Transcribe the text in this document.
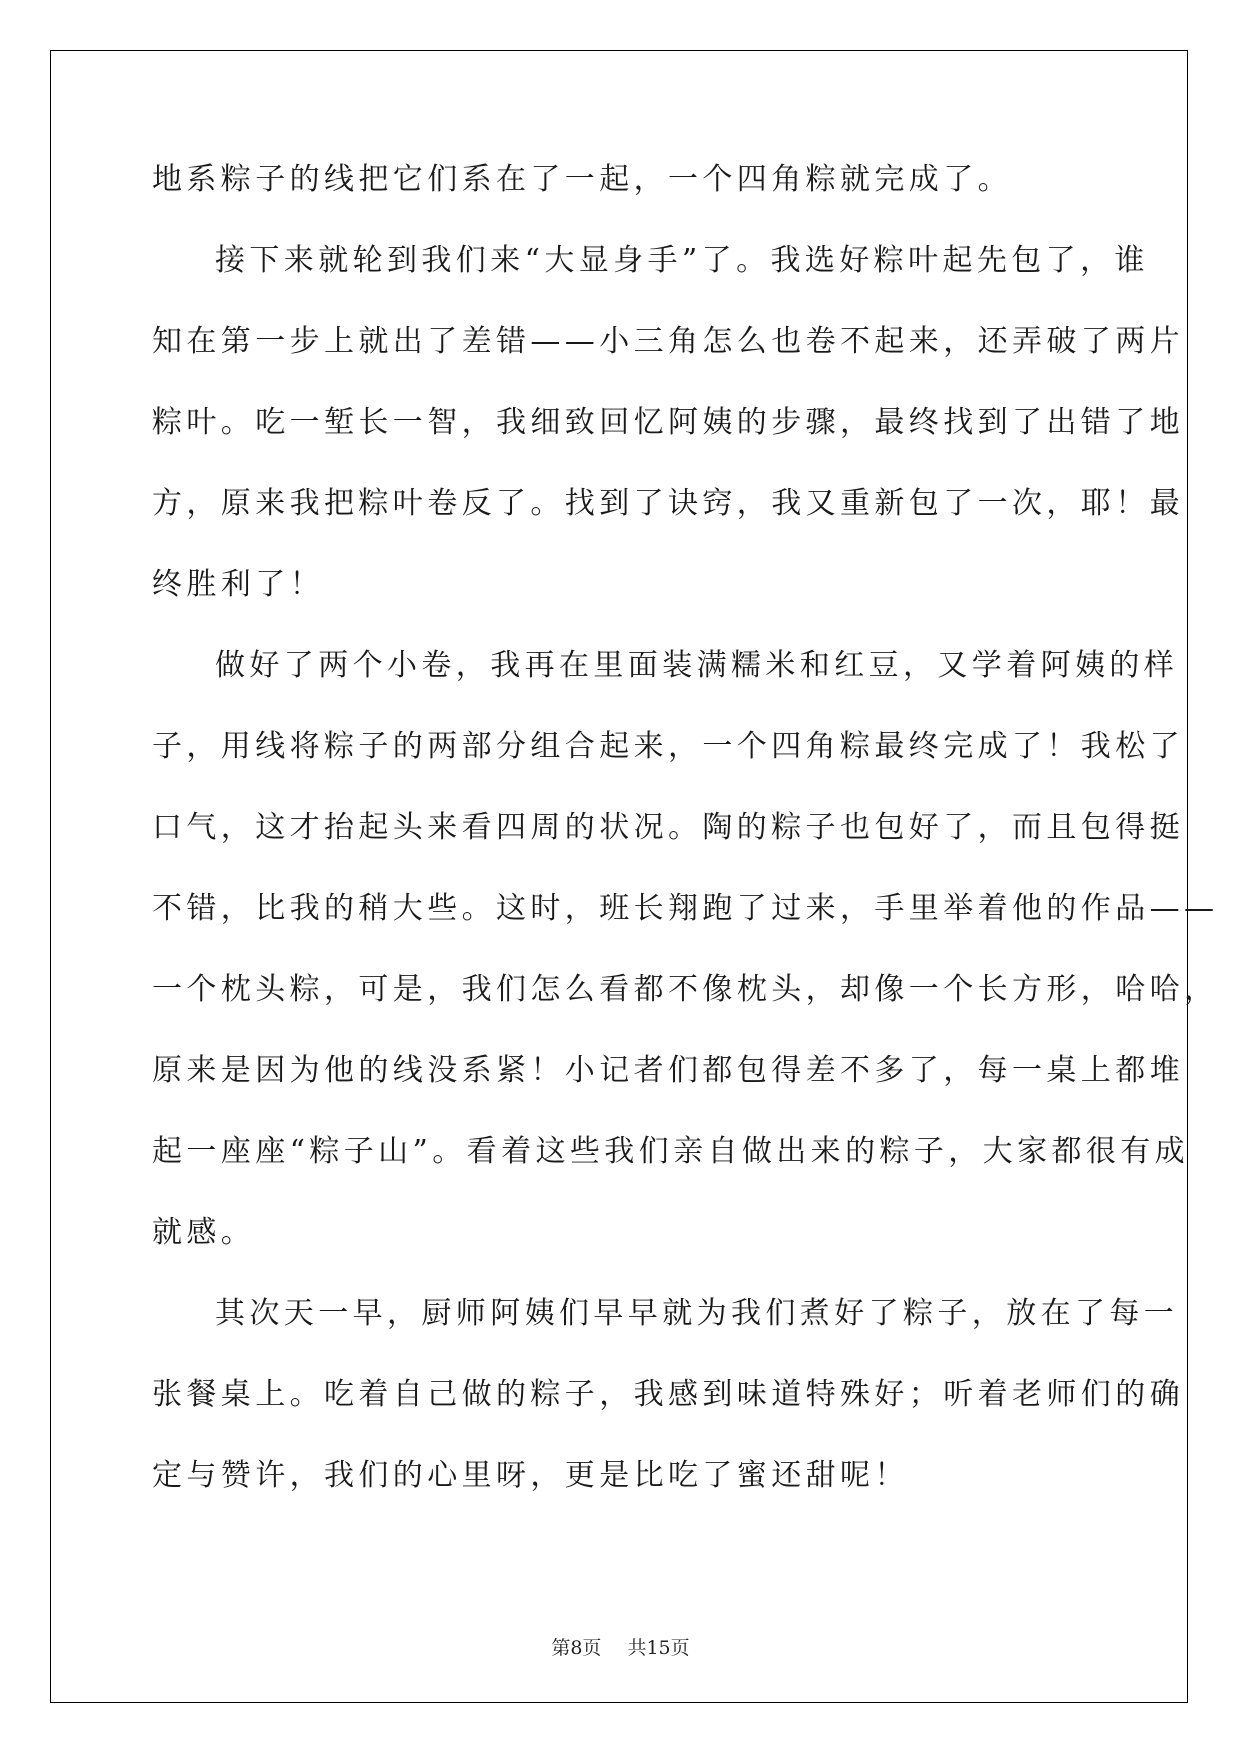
地系粽子的线把它们系在了一起，一个四角粽就完成了。
接下来就轮到我们来“大显身手”了。我选好粽叶起先包了，谁
知在第一步上就出了差错——小三角怎么也卷不起来，还弄破了两片
粽叶。吃一堑长一智，我细致回忆阿姨的步骤，最终找到了出错了地
方，原来我把粽叶卷反了。找到了诀窍，我又重新包了一次，耶！最
终胜利了！
做好了两个小卷，我再在里面装满糯米和红豆，又学着阿姨的样
子，用线将粽子的两部分组合起来，一个四角粽最终完成了！我松了
口气，这才抬起头来看四周的状况。陶的粽子也包好了，而且包得挺
不错，比我的稍大些。这时，班长翔跑了过来，手里举着他的作品——
一个枕头粽，可是，我们怎么看都不像枕头，却像一个长方形，哈哈，
原来是因为他的线没系紧！小记者们都包得差不多了，每一桌上都堆
起一座座“粽子山”。看着这些我们亲自做出来的粽子，大家都很有成
就感。
其次天一早，厨师阿姨们早早就为我们煮好了粽子，放在了每一
张餐桌上。吃着自己做的粽子，我感到味道特殊好；听着老师们的确
定与赞许，我们的心里呀，更是比吃了蜜还甜呢！
第8页 共15页
